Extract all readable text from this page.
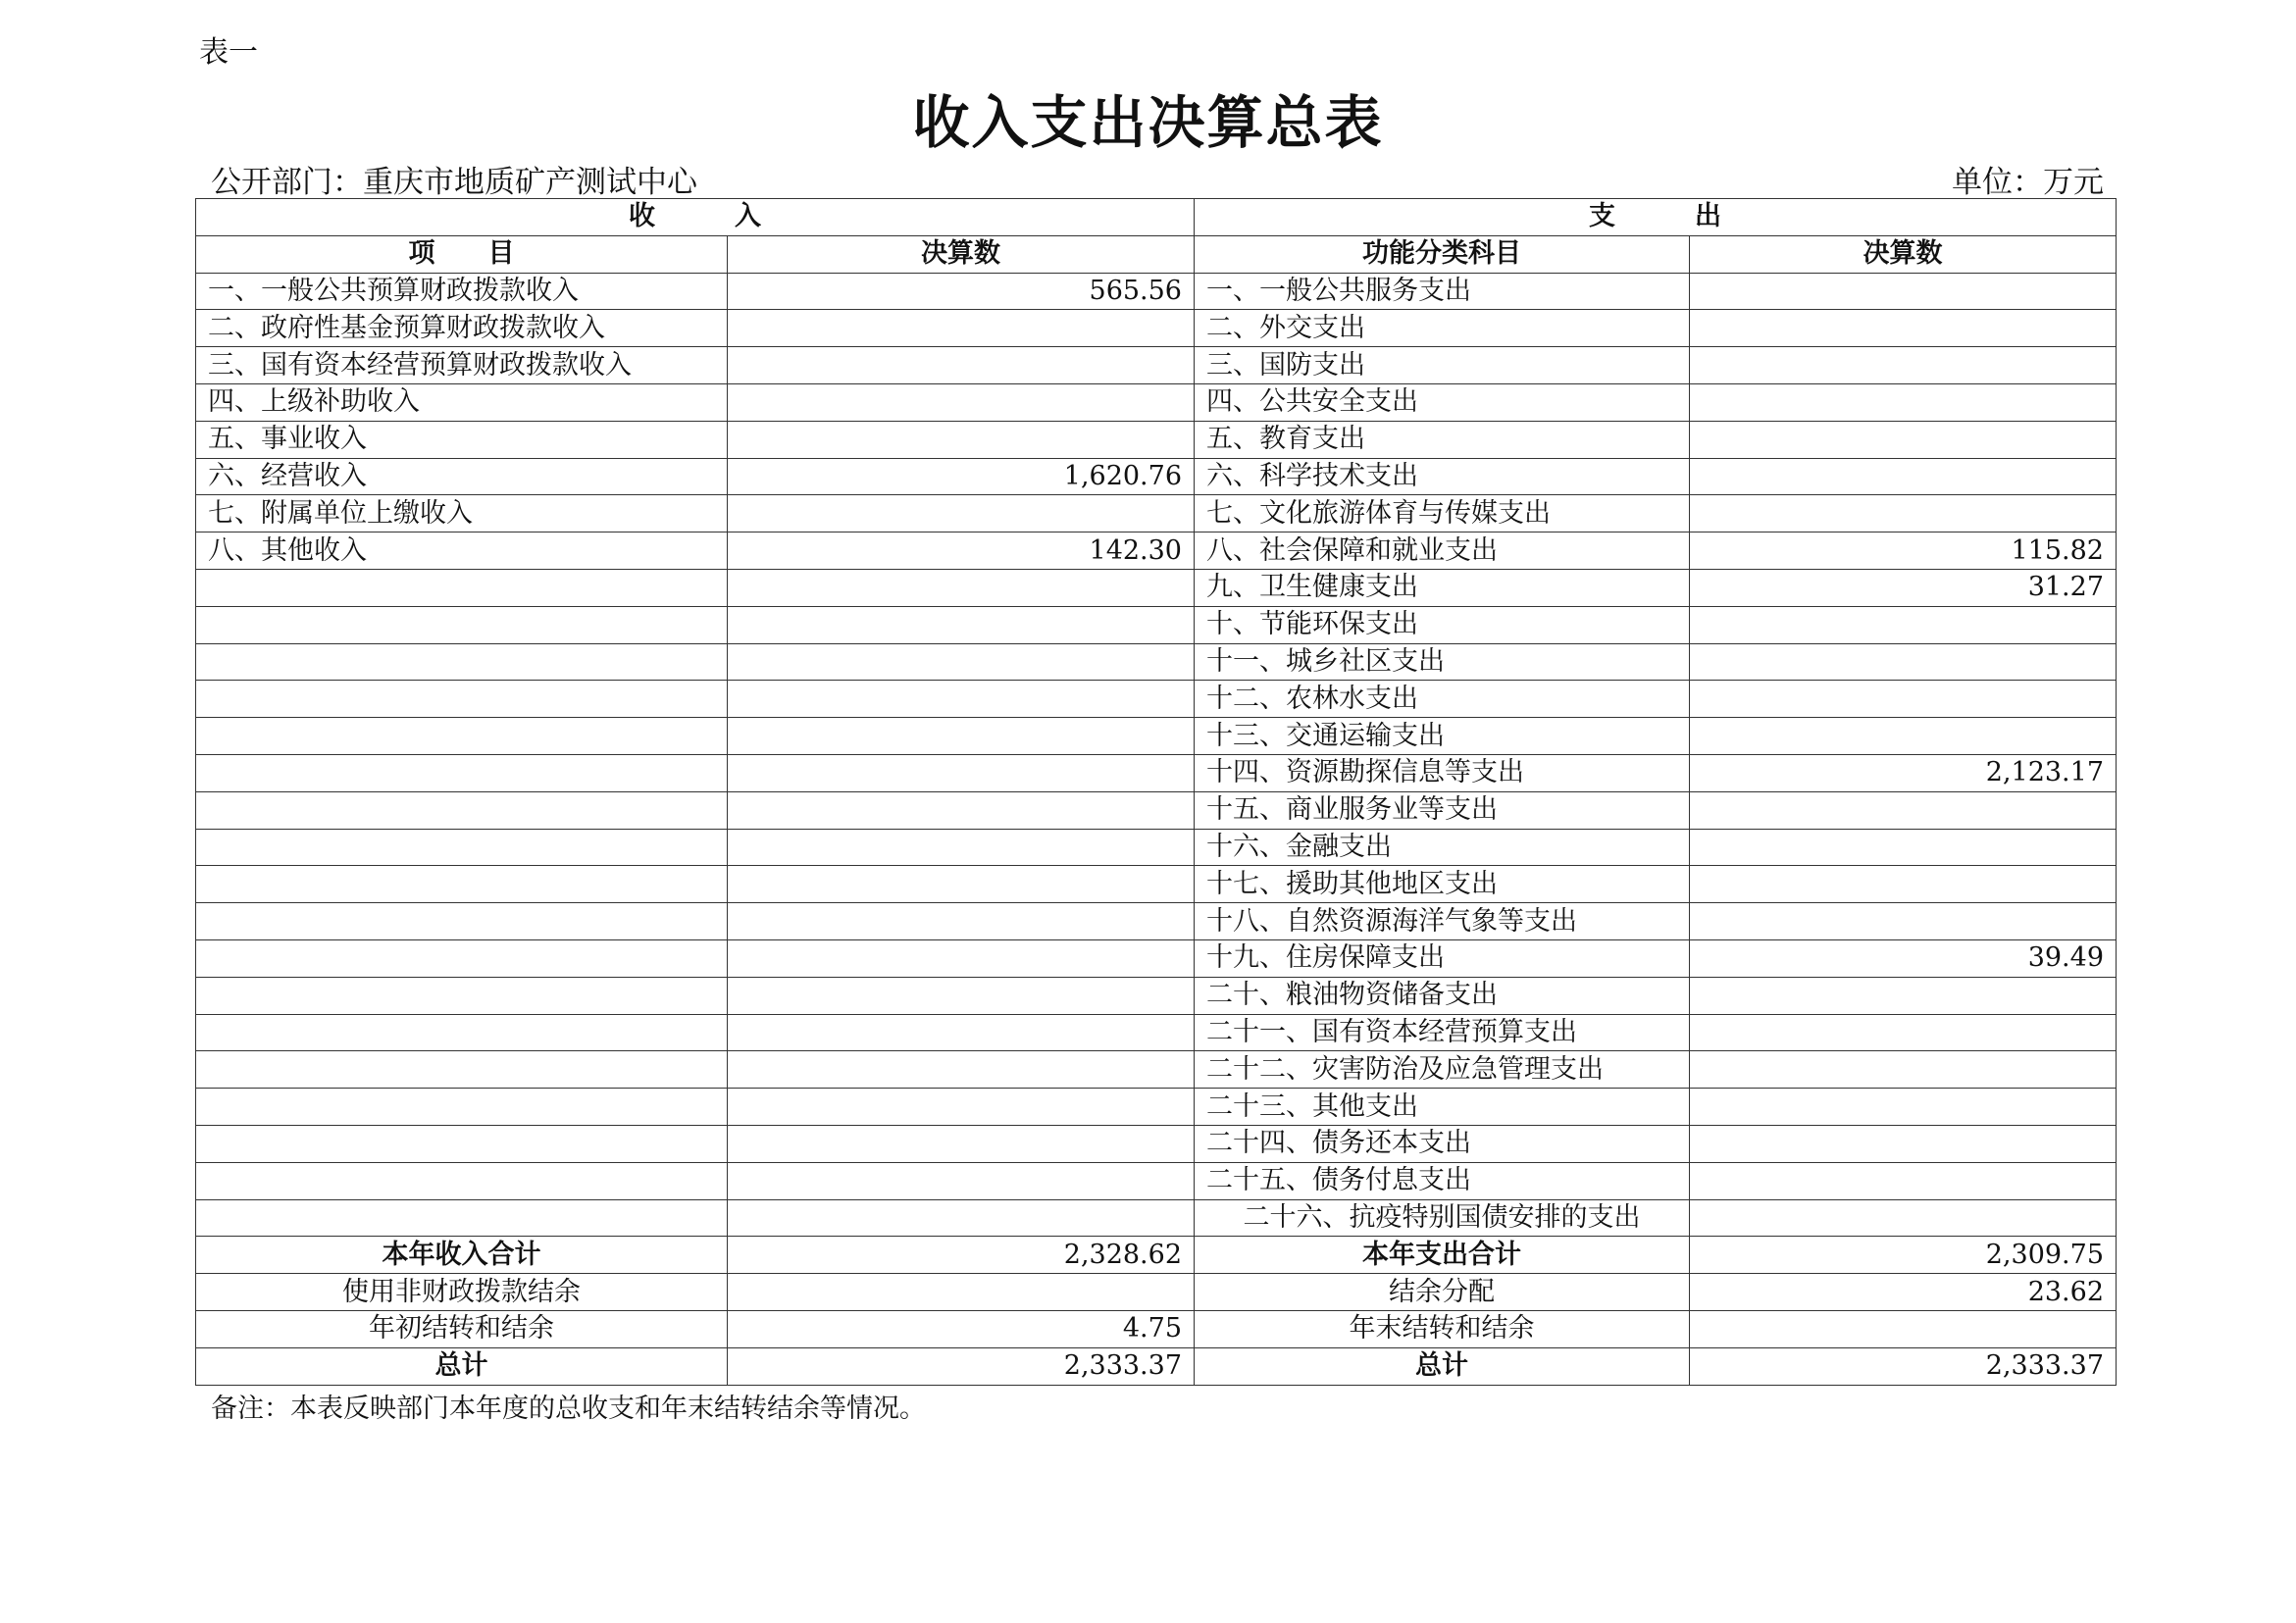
表一
收入支出决算总表
公开部门：重庆市地质矿产测试中心	单位：万元
收　　　入		支　　　出	
项　　目	决算数	功能分类科目	决算数
一、一般公共预算财政拨款收入	565.56	一、一般公共服务支出	
二、政府性基金预算财政拨款收入		二、外交支出	
三、国有资本经营预算财政拨款收入		三、国防支出	
四、上级补助收入		四、公共安全支出	
五、事业收入		五、教育支出	
六、经营收入	1,620.76	六、科学技术支出	
七、附属单位上缴收入		七、文化旅游体育与传媒支出	
八、其他收入	142.30	八、社会保障和就业支出	115.82
		九、卫生健康支出	31.27
		十、节能环保支出	
		十一、城乡社区支出	
		十二、农林水支出	
		十三、交通运输支出	
		十四、资源勘探信息等支出	2,123.17
		十五、商业服务业等支出	
		十六、金融支出	
		十七、援助其他地区支出	
		十八、自然资源海洋气象等支出	
		十九、住房保障支出	39.49
		二十、粮油物资储备支出	
		二十一、国有资本经营预算支出	
		二十二、灾害防治及应急管理支出	
		二十三、其他支出	
		二十四、债务还本支出	
		二十五、债务付息支出	
		二十六、抗疫特别国债安排的支出	
本年收入合计	2,328.62	本年支出合计	2,309.75
使用非财政拨款结余		结余分配	23.62
年初结转和结余	4.75	年末结转和结余	
总计	2,333.37	总计	2,333.37
备注：本表反映部门本年度的总收支和年末结转结余等情况。
